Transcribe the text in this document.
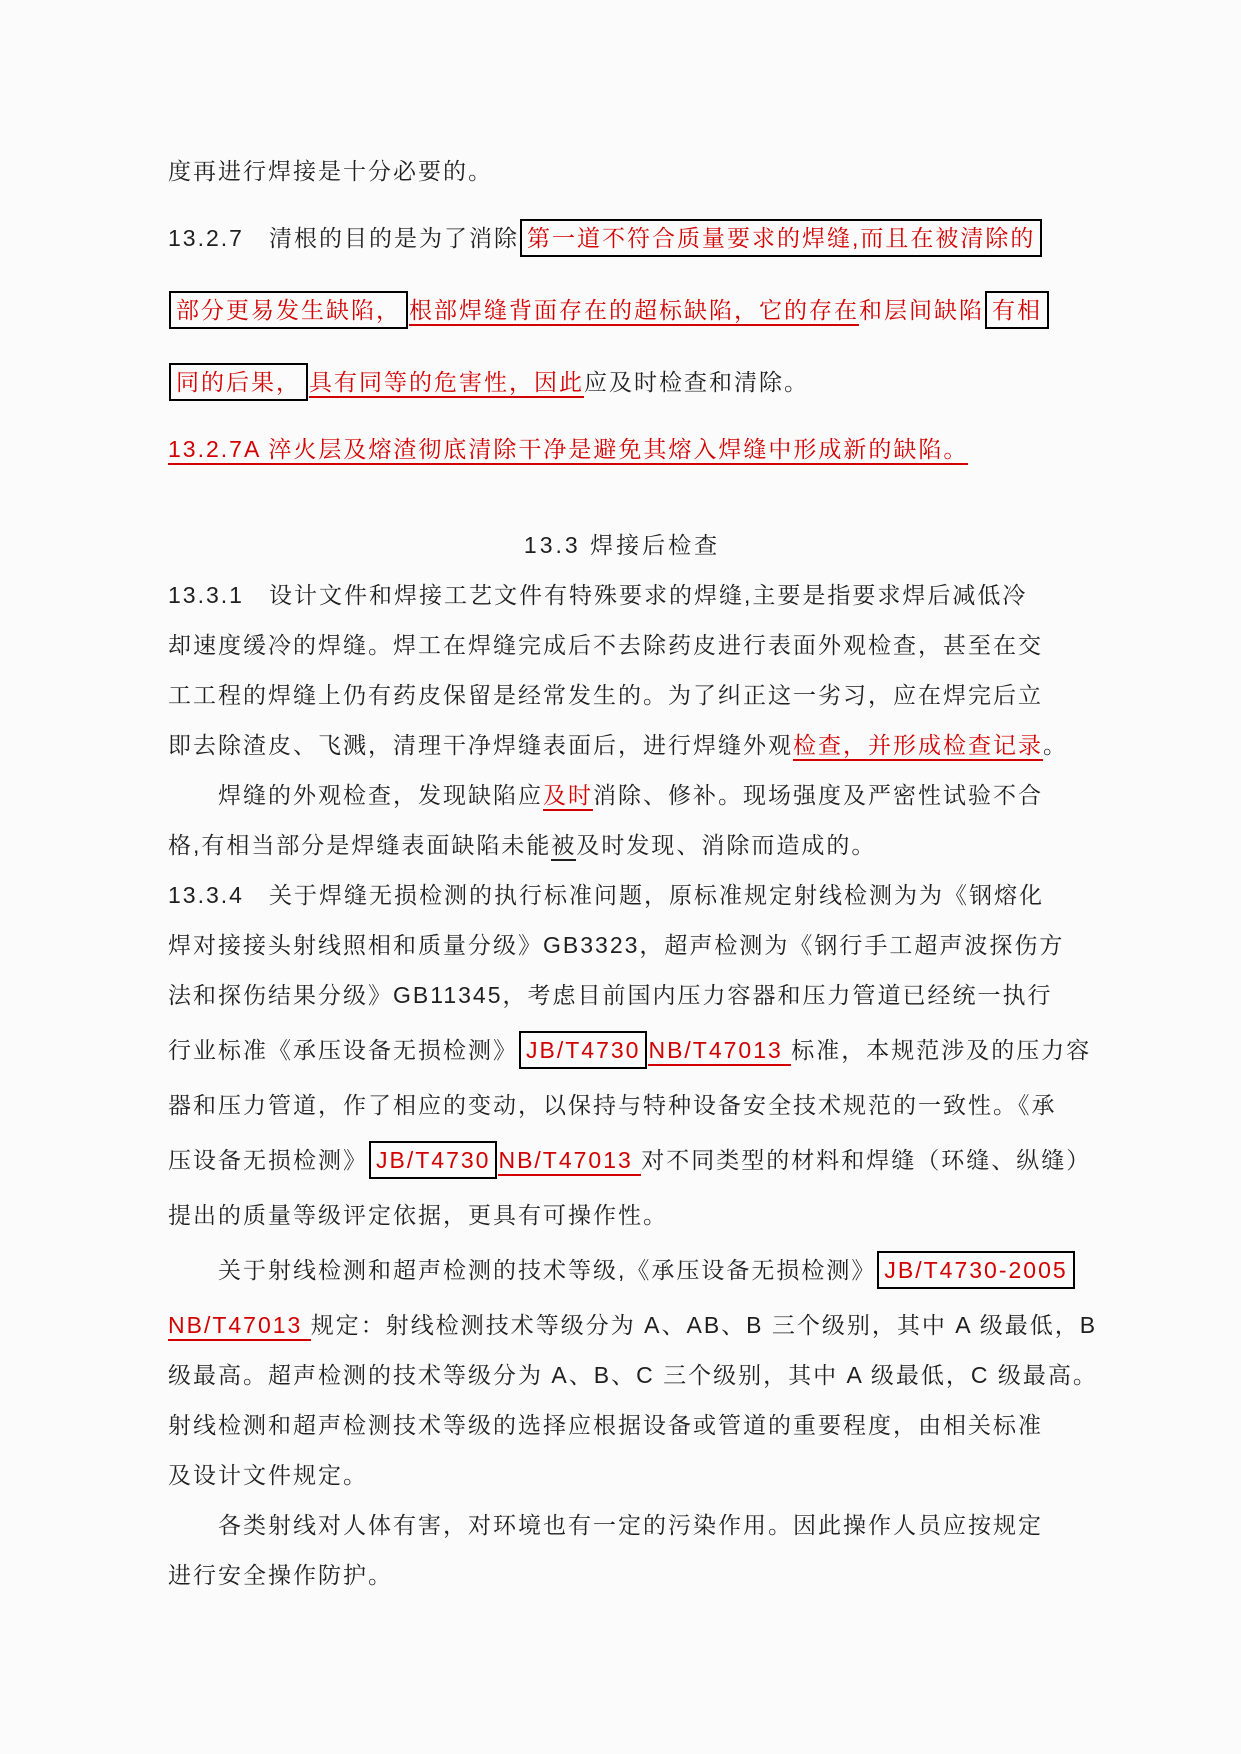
度再进行焊接是十分必要的。
13.2.7　清根的目的是为了消除 第一道不符合质量要求的焊缝,而且在被清除的
部分更易发生缺陷， 根部焊缝背面存在的超标缺陷，它的存在和层间缺陷 有相
同的后果， 具有同等的危害性，因此应及时检查和清除。
13.2.7A 淬火层及熔渣彻底清除干净是避免其熔入焊缝中形成新的缺陷。
13.3 焊接后检查
13.3.1　设计文件和焊接工艺文件有特殊要求的焊缝,主要是指要求焊后减低冷
却速度缓冷的焊缝。焊工在焊缝完成后不去除药皮进行表面外观检查，甚至在交
工工程的焊缝上仍有药皮保留是经常发生的。为了纠正这一劣习，应在焊完后立
即去除渣皮、飞溅，清理干净焊缝表面后，进行焊缝外观检查，并形成检查记录。
　　焊缝的外观检查，发现缺陷应及时消除、修补。现场强度及严密性试验不合
格,有相当部分是焊缝表面缺陷未能被及时发现、消除而造成的。
13.3.4　关于焊缝无损检测的执行标准问题，原标准规定射线检测为为《钢熔化
焊对接接头射线照相和质量分级》GB3323，超声检测为《钢行手工超声波探伤方
法和探伤结果分级》GB11345，考虑目前国内压力容器和压力管道已经统一执行
行业标准《承压设备无损检测》 JB/T4730 NB/T47013 标准，本规范涉及的压力容
器和压力管道，作了相应的变动，以保持与特种设备安全技术规范的一致性。《承
压设备无损检测》 JB/T4730 NB/T47013 对不同类型的材料和焊缝（环缝、纵缝）
提出的质量等级评定依据，更具有可操作性。
　　关于射线检测和超声检测的技术等级,《承压设备无损检测》 JB/T4730-2005
NB/T47013 规定：射线检测技术等级分为 A、AB、B 三个级别，其中 A 级最低，B
级最高。超声检测的技术等级分为 A、B、C 三个级别，其中 A 级最低，C 级最高。
射线检测和超声检测技术等级的选择应根据设备或管道的重要程度，由相关标准
及设计文件规定。
　　各类射线对人体有害，对环境也有一定的污染作用。因此操作人员应按规定
进行安全操作防护。
